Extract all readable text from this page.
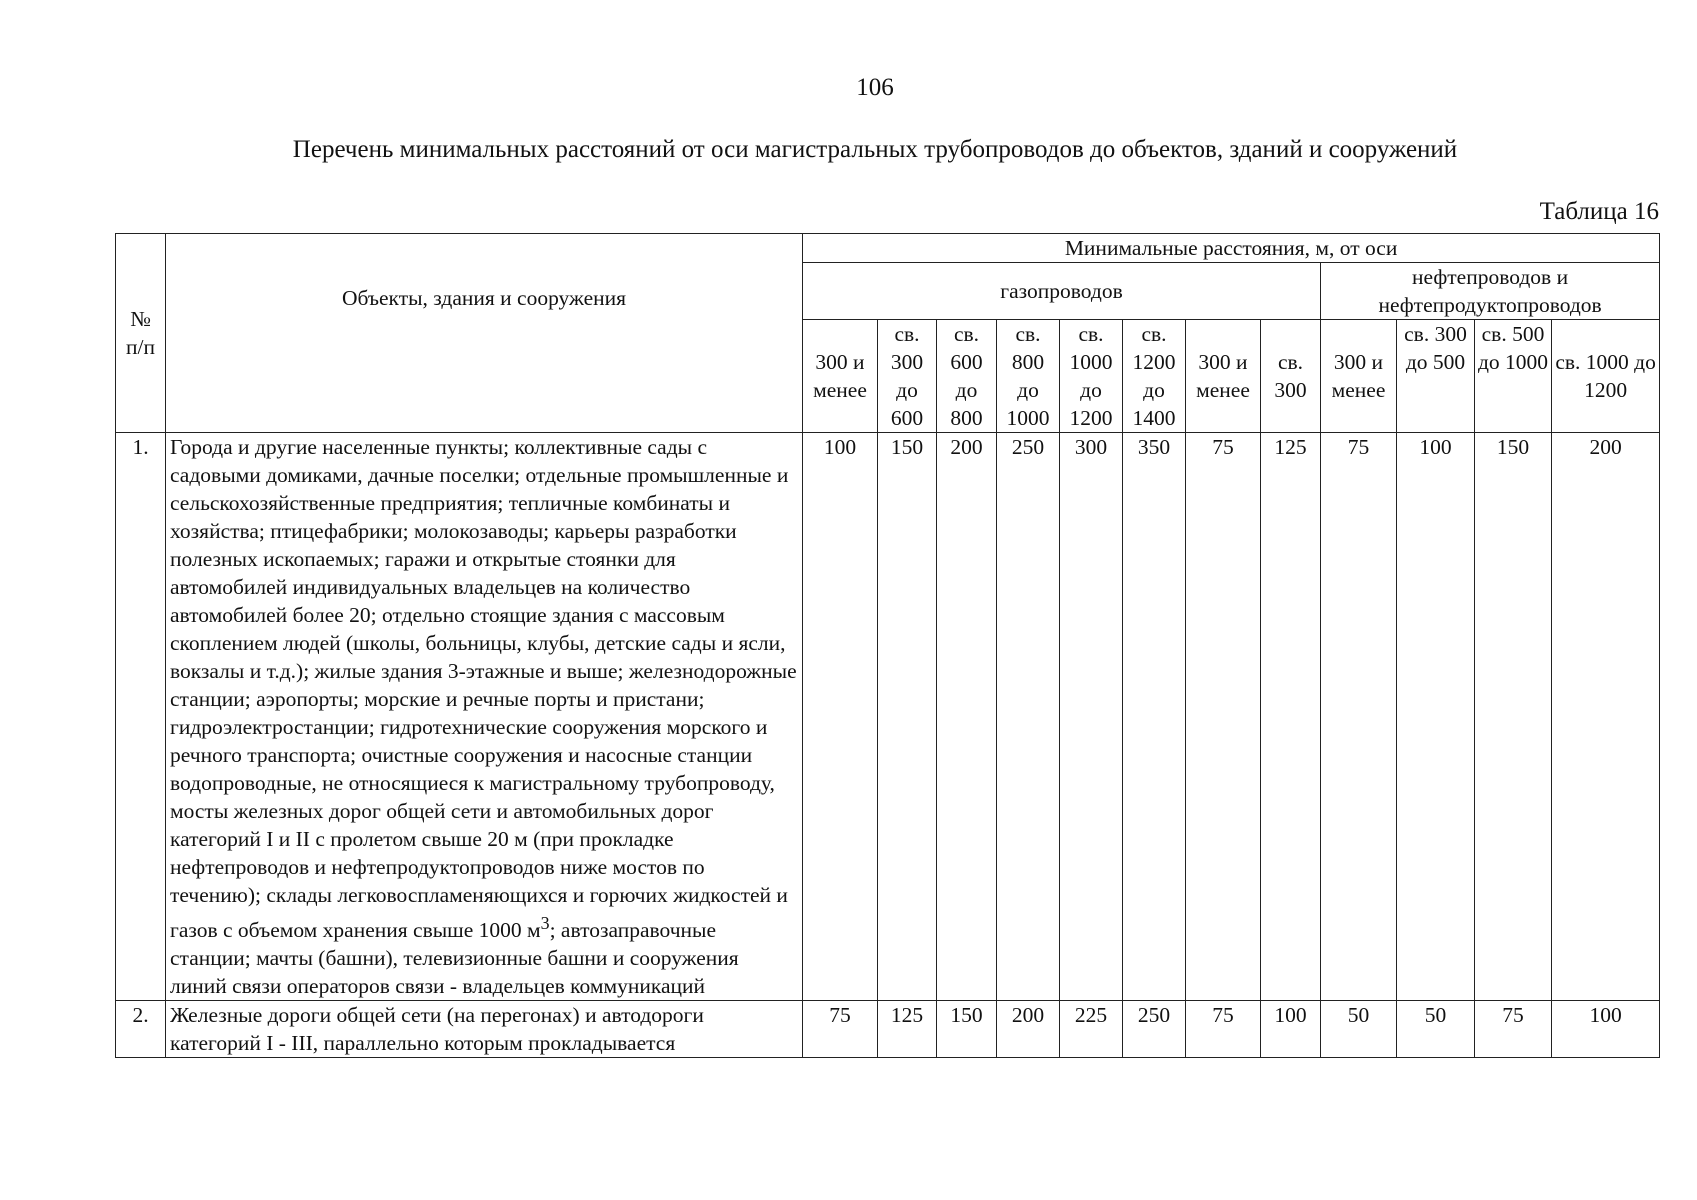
106
Перечень минимальных расстояний от оси магистральных трубопроводов до объектов, зданий и сооружений
Таблица 16
№ п/п	Объекты, здания и сооружения	Минимальные расстояния, м, от оси											
		газопроводов								нефтепроводов и нефтепродуктопроводов			
		300 и менее	св. 300 до 600	св. 600 до 800	св. 800 до 1000	св. 1000 до 1200	св. 1200 до 1400	300 и менее	св. 300	300 и менее	св. 300 до 500	св. 500 до 1000	св. 1000 до 1200
1.	Города и другие населенные пункты; коллективные сады с садовыми домиками, дачные поселки; отдельные промышленные и сельскохозяйственные предприятия; тепличные комбинаты и хозяйства; птицефабрики; молокозаводы; карьеры разработки полезных ископаемых; гаражи и открытые стоянки для автомобилей индивидуальных владельцев на количество автомобилей более 20; отдельно стоящие здания с массовым скоплением людей (школы, больницы, клубы, детские сады и ясли, вокзалы и т.д.); жилые здания 3-этажные и выше; железнодорожные станции; аэропорты; морские и речные порты и пристани; гидроэлектростанции; гидротехнические сооружения морского и речного транспорта; очистные сооружения и насосные станции водопроводные, не относящиеся к магистральному трубопроводу, мосты железных дорог общей сети и автомобильных дорог категорий I и II с пролетом свыше 20 м (при прокладке нефтепроводов и нефтепродуктопроводов ниже мостов по течению); склады легковоспламеняющихся и горючих жидкостей и газов с объемом хранения свыше 1000 $м^3$; автозаправочные станции; мачты (башни), телевизионные башни и сооружения линий связи операторов связи - владельцев коммуникаций	100	150	200	250	300	350	75	125	75	100	150	200
2.	Железные дороги общей сети (на перегонах) и автодороги категорий I - III, параллельно которым прокладывается	75	125	150	200	225	250	75	100	50	50	75	100
